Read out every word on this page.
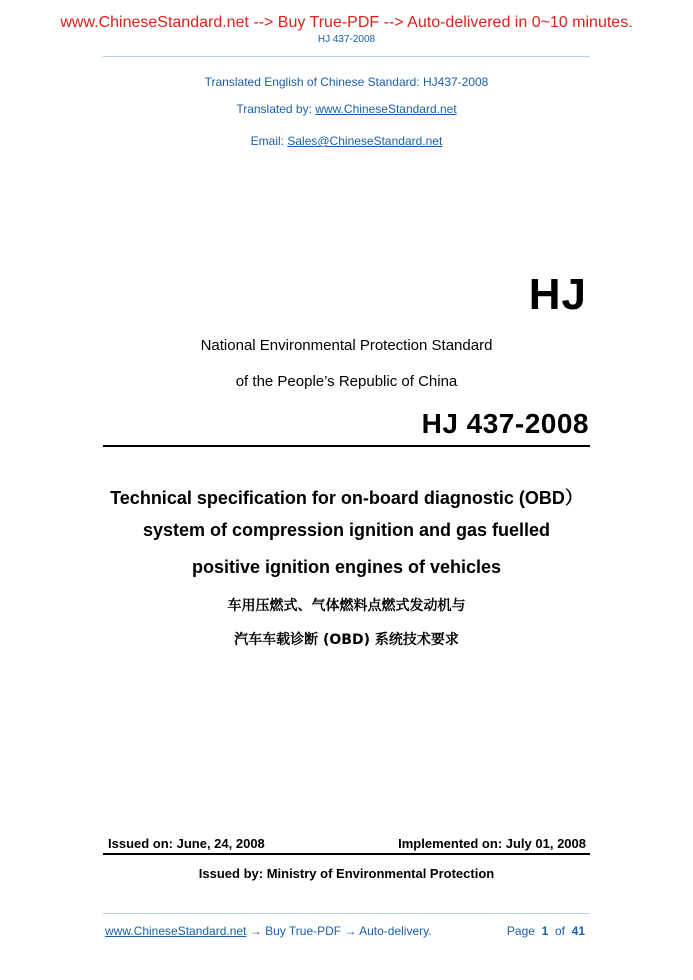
www.ChineseStandard.net --> Buy True-PDF --> Auto-delivered in 0~10 minutes.
HJ 437-2008
Translated English of Chinese Standard: HJ437-2008
Translated by: www.ChineseStandard.net
Email: Sales@ChineseStandard.net
HJ
National Environmental Protection Standard
of the People’s Republic of China
HJ 437-2008
Technical specification for on-board diagnostic (OBD）
system of compression ignition and gas fuelled
positive ignition engines of vehicles
车用压燃式、气体燃料点燃式发动机与
汽车车载诊断 (OBD) 系统技术要求
Issued on: June, 24, 2008	Implemented on: July 01, 2008
Issued by: Ministry of Environmental Protection
www.ChineseStandard.net → Buy True-PDF → Auto-delivery.	Page 1 of 41
